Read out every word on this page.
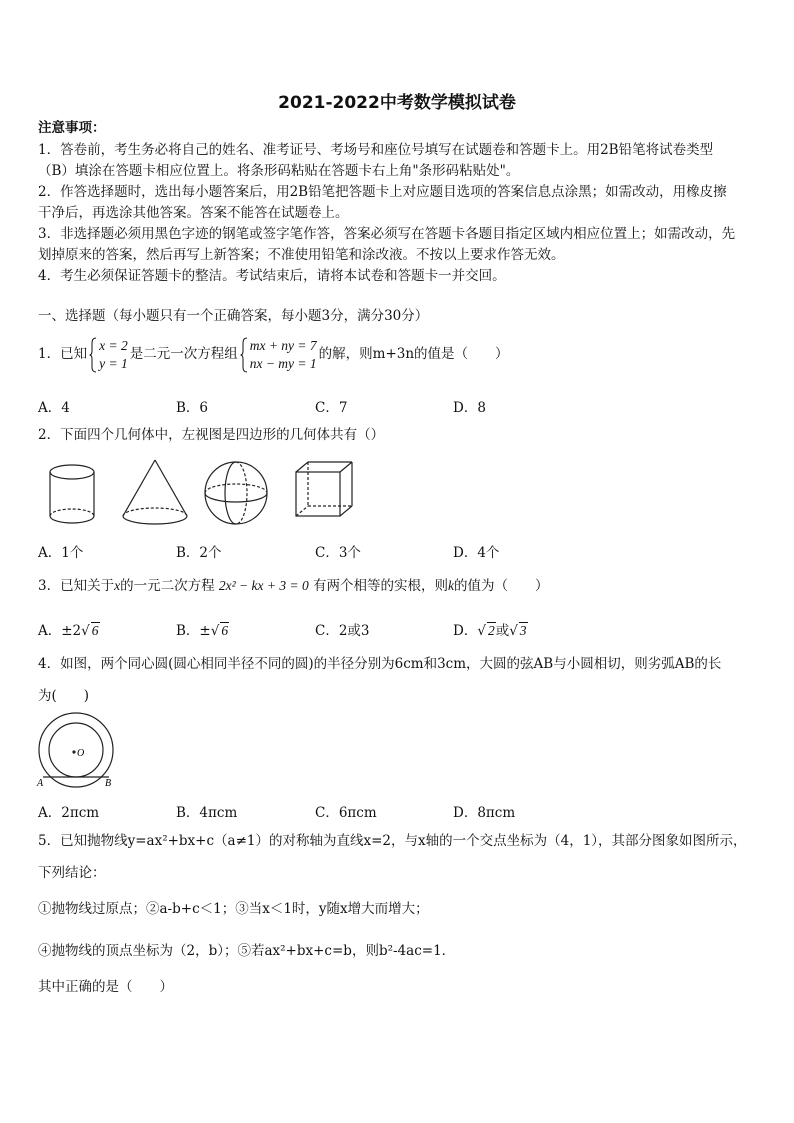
2021-2022中考数学模拟试卷
注意事项：
1．答卷前，考生务必将自己的姓名、准考证号、考场号和座位号填写在试题卷和答题卡上。用2B铅笔将试卷类型
（B）填涂在答题卡相应位置上。将条形码粘贴在答题卡右上角"条形码粘贴处"。
2．作答选择题时，选出每小题答案后，用2B铅笔把答题卡上对应题目选项的答案信息点涂黑；如需改动，用橡皮擦
干净后，再选涂其他答案。答案不能答在试题卷上。
3．非选择题必须用黑色字迹的钢笔或签字笔作答，答案必须写在答题卡各题目指定区域内相应位置上；如需改动，先
划掉原来的答案，然后再写上新答案；不准使用铅笔和涂改液。不按以上要求作答无效。
4．考生必须保证答题卡的整洁。考试结束后，请将本试卷和答题卡一并交回。
一、选择题（每小题只有一个正确答案，每小题3分，满分30分）
1．已知
x = 2
y = 1
是二元一次方程组
mx + ny = 7
nx − my = 1
的解，则m+3n的值是（　　）
A．4	B．6	C．7	D．8
2．下面四个几何体中，左视图是四边形的几何体共有（）
A．1个	B．2个	C．3个	D．4个
3．已知关于x的一元二次方程 2x² − kx + 3 = 0 有两个相等的实根，则k的值为（　　）
A．±2√ 6	B．±√ 6	C．2或3	D．√ 2或√ 3
4．如图，两个同心圆(圆心相同半径不同的圆)的半径分别为6cm和3cm，大圆的弦AB与小圆相切，则劣弧AB的长
为(　　)
O
A	B
A．2πcm	B．4πcm	C．6πcm	D．8πcm
5．已知抛物线y=ax²+bx+c（a≠1）的对称轴为直线x=2，与x轴的一个交点坐标为（4，1），其部分图象如图所示，
下列结论：
①抛物线过原点；②a-b+c＜1；③当x＜1时，y随x增大而增大；
④抛物线的顶点坐标为（2，b）；⑤若ax²+bx+c=b，则b²-4ac=1．
其中正确的是（　　）
